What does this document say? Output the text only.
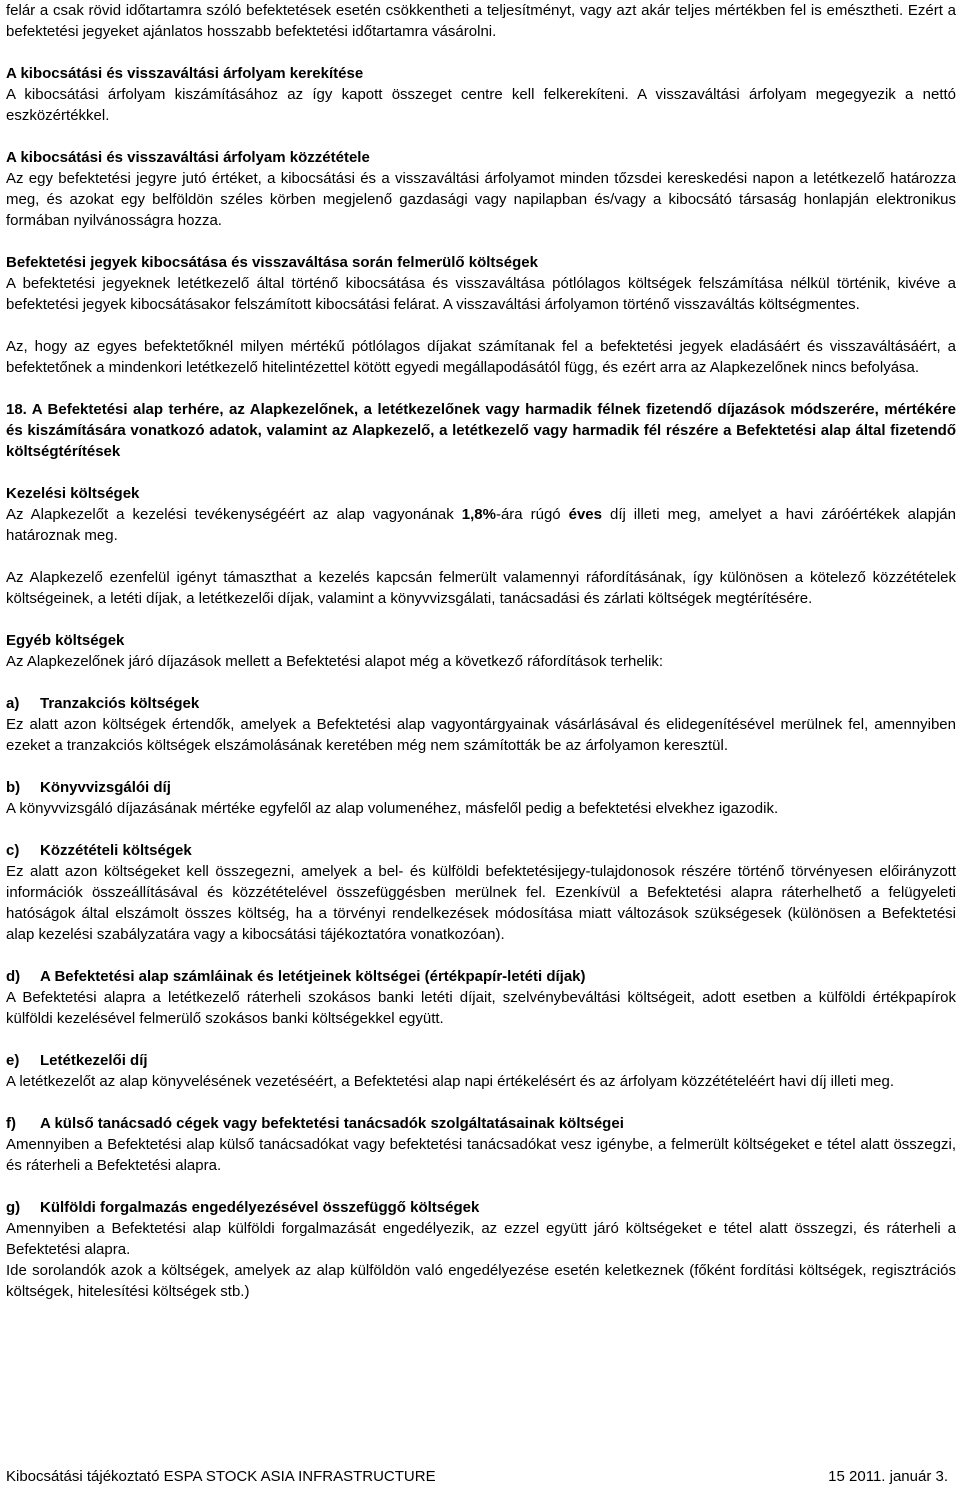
felár a csak rövid időtartamra szóló befektetések esetén csökkentheti a teljesítményt, vagy azt akár teljes mértékben fel is emésztheti. Ezért a befektetési jegyeket ajánlatos hosszabb befektetési időtartamra vásárolni.

A kibocsátási és visszaváltási árfolyam kerekítése

A kibocsátási árfolyam kiszámításához az így kapott összeget centre kell felkerekíteni. A visszaváltási árfolyam megegyezik a nettó eszközértékkel.

A kibocsátási és visszaváltási árfolyam közzététele

Az egy befektetési jegyre jutó értéket, a kibocsátási és a visszaváltási árfolyamot minden tőzsdei kereskedési napon a letétkezelő határozza meg, és azokat egy belföldön széles körben megjelenő gazdasági vagy napilapban és/vagy a kibocsátó társaság honlapján elektronikus formában nyilvánosságra hozza.

Befektetési jegyek kibocsátása és visszaváltása során felmerülő költségek

A befektetési jegyeknek letétkezelő által történő kibocsátása és visszaváltása pótlólagos költségek felszámítása nélkül történik, kivéve a befektetési jegyek kibocsátásakor felszámított kibocsátási felárat. A visszaváltási árfolyamon történő visszaváltás költségmentes.

Az, hogy az egyes befektetőknél milyen mértékű pótlólagos díjakat számítanak fel a befektetési jegyek eladásáért és visszaváltásáért, a befektetőnek a mindenkori letétkezelő hitelintézettel kötött egyedi megállapodásától függ, és ezért arra az Alapkezelőnek nincs befolyása.

18. A Befektetési alap terhére, az Alapkezelőnek, a letétkezelőnek vagy harmadik félnek fizetendő díjazások módszerére, mértékére és kiszámítására vonatkozó adatok, valamint az Alapkezelő, a letétkezelő vagy harmadik fél részére a Befektetési alap által fizetendő költségtérítések

Kezelési költségek

Az Alapkezelőt a kezelési tevékenységéért az alap vagyonának 1,8%-ára rúgó éves díj illeti meg, amelyet a havi záróértékek alapján határoznak meg.

Az Alapkezelő ezenfelül igényt támaszthat a kezelés kapcsán felmerült valamennyi ráfordításának, így különösen a kötelező közzétételek költségeinek, a letéti díjak, a letétkezelői díjak, valamint a könyvvizsgálati, tanácsadási és zárlati költségek megtérítésére.

Egyéb költségek

Az Alapkezelőnek járó díjazások mellett a Befektetési alapot még a következő ráfordítások terhelik:

a) Tranzakciós költségek

Ez alatt azon költségek értendők, amelyek a Befektetési alap vagyontárgyainak vásárlásával és elidegenítésével merülnek fel, amennyiben ezeket a tranzakciós költségek elszámolásának keretében még nem számították be az árfolyamon keresztül.

b) Könyvvizsgálói díj

A könyvvizsgáló díjazásának mértéke egyfelől az alap volumenéhez, másfelől pedig a befektetési elvekhez igazodik.

c) Közzétételi költségek

Ez alatt azon költségeket kell összegezni, amelyek a bel- és külföldi befektetésijegy-tulajdonosok részére történő törvényesen előirányzott információk összeállításával és közzétételével összefüggésben merülnek fel. Ezenkívül a Befektetési alapra ráterhelhető a felügyeleti hatóságok által elszámolt összes költség, ha a törvényi rendelkezések módosítása miatt változások szükségesek (különösen a Befektetési alap kezelési szabályzatára vagy a kibocsátási tájékoztatóra vonatkozóan).

d) A Befektetési alap számláinak és letétjeinek költségei (értékpapír-letéti díjak)

A Befektetési alapra a letétkezelő ráterheli szokásos banki letéti díjait, szelvénybeváltási költségeit, adott esetben a külföldi értékpapírok külföldi kezelésével felmerülő szokásos banki költségekkel együtt.

e) Letétkezelői díj

A letétkezelőt az alap könyvelésének vezetéséért, a Befektetési alap napi értékelésért és az árfolyam közzétételéért havi díj illeti meg.

f) A külső tanácsadó cégek vagy befektetési tanácsadók szolgáltatásainak költségei

Amennyiben a Befektetési alap külső tanácsadókat vagy befektetési tanácsadókat vesz igénybe, a felmerült költségeket e tétel alatt összegzi, és ráterheli a Befektetési alapra.

g) Külföldi forgalmazás engedélyezésével összefüggő költségek

Amennyiben a Befektetési alap külföldi forgalmazását engedélyezik, az ezzel együtt járó költségeket e tétel alatt összegzi, és ráterheli a Befektetési alapra.

Ide sorolandók azok a költségek, amelyek az alap külföldön való engedélyezése esetén keletkeznek (főként fordítási költségek, regisztrációs költségek, hitelesítési költségek stb.)

Kibocsátási tájékoztató ESPA STOCK ASIA INFRASTRUCTURE	15 2011. január 3.
